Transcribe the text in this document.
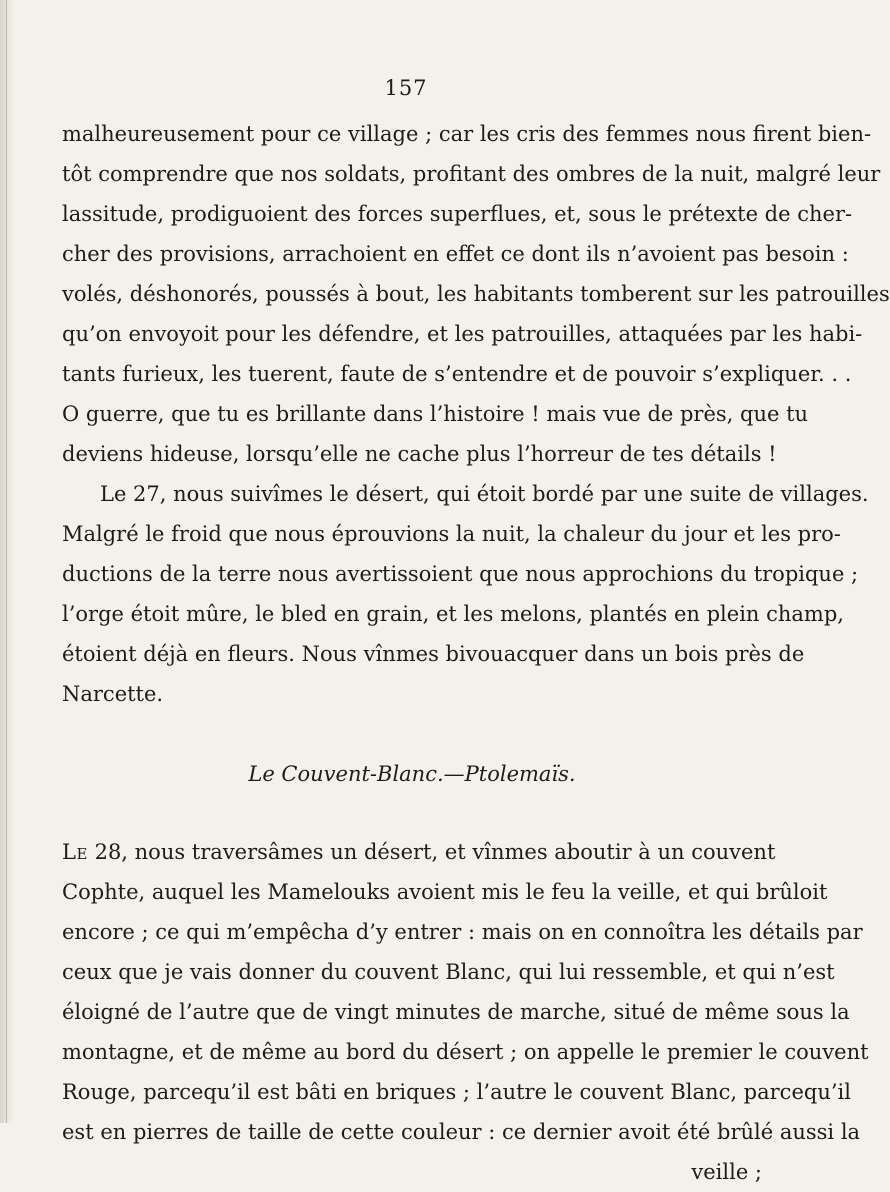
157
malheureusement pour ce village ; car les cris des femmes nous firent bien-
tôt comprendre que nos soldats, profitant des ombres de la nuit, malgré leur
lassitude, prodiguoient des forces superflues, et, sous le prétexte de cher-
cher des provisions, arrachoient en effet ce dont ils n’avoient pas besoin :
volés, déshonorés, poussés à bout, les habitants tomberent sur les patrouilles
qu’on envoyoit pour les défendre, et les patrouilles, attaquées par les habi-
tants furieux, les tuerent, faute de s’entendre et de pouvoir s’expliquer. . .
O guerre, que tu es brillante dans l’histoire ! mais vue de près, que tu
deviens hideuse, lorsqu’elle ne cache plus l’horreur de tes détails !
Le 27, nous suivîmes le désert, qui étoit bordé par une suite de villages.
Malgré le froid que nous éprouvions la nuit, la chaleur du jour et les pro-
ductions de la terre nous avertissoient que nous approchions du tropique ;
l’orge étoit mûre, le bled en grain, et les melons, plantés en plein champ,
étoient déjà en fleurs. Nous vînmes bivouacquer dans un bois près de
Narcette.
Le Couvent-Blanc.—Ptolemaïs.
Le 28, nous traversâmes un désert, et vînmes aboutir à un couvent
Cophte, auquel les Mamelouks avoient mis le feu la veille, et qui brûloit
encore ; ce qui m’empêcha d’y entrer : mais on en connoîtra les détails par
ceux que je vais donner du couvent Blanc, qui lui ressemble, et qui n’est
éloigné de l’autre que de vingt minutes de marche, situé de même sous la
montagne, et de même au bord du désert ; on appelle le premier le couvent
Rouge, parcequ’il est bâti en briques ; l’autre le couvent Blanc, parcequ’il
est en pierres de taille de cette couleur : ce dernier avoit été brûlé aussi la
veille ;
